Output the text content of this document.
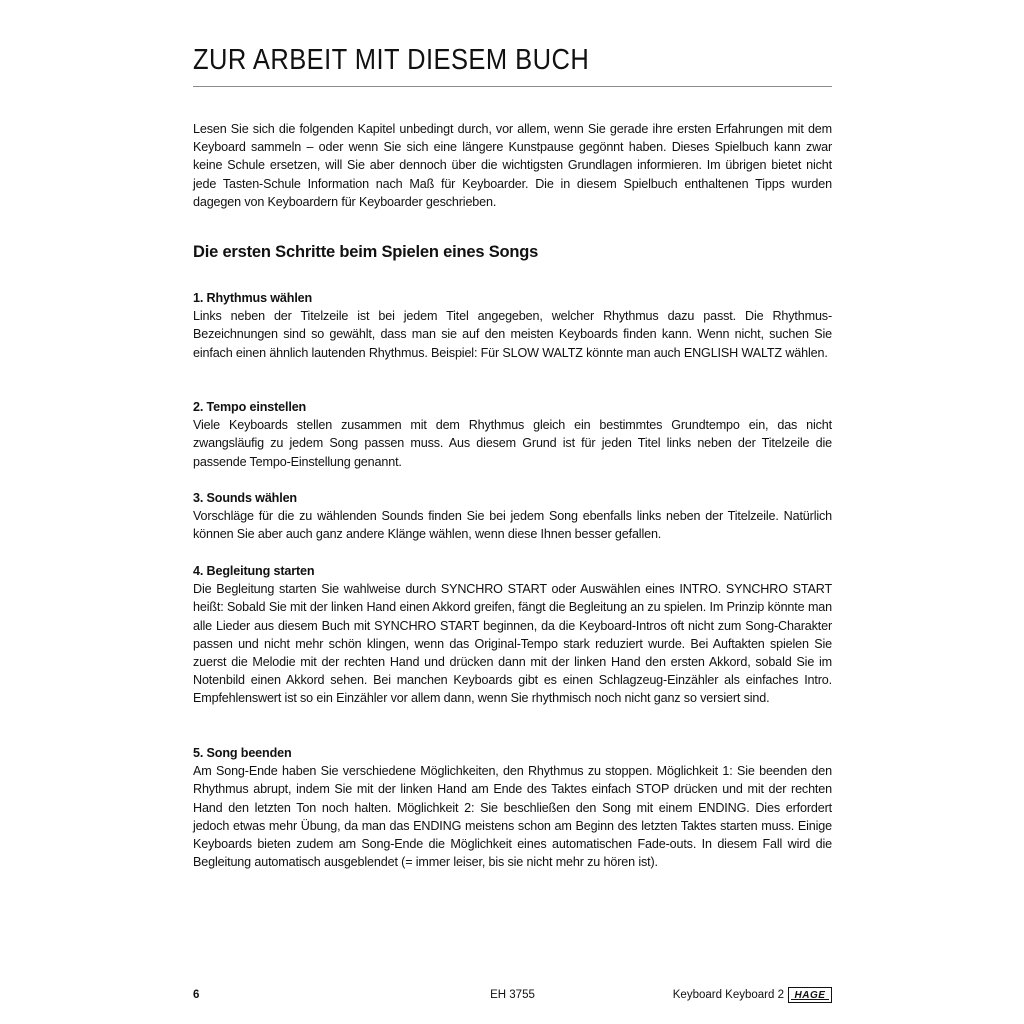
ZUR ARBEIT MIT DIESEM BUCH

Lesen Sie sich die folgenden Kapitel unbedingt durch, vor allem, wenn Sie gerade ihre ersten Erfahrungen mit dem Keyboard sammeln – oder wenn Sie sich eine längere Kunstpause gegönnt haben. Dieses Spielbuch kann zwar keine Schule ersetzen, will Sie aber dennoch über die wichtigsten Grundlagen informieren. Im übrigen bietet nicht jede Tasten-Schule Information nach Maß für Keyboarder. Die in diesem Spielbuch enthaltenen Tipps wurden dagegen von Keyboardern für Keyboarder geschrieben.

Die ersten Schritte beim Spielen eines Songs
1. Rhythmus wählen

Links neben der Titelzeile ist bei jedem Titel angegeben, welcher Rhythmus dazu passt. Die Rhythmus-Bezeichnungen sind so gewählt, dass man sie auf den meisten Keyboards finden kann. Wenn nicht, suchen Sie einfach einen ähnlich lautenden Rhythmus. Beispiel: Für SLOW WALTZ könnte man auch ENGLISH WALTZ wählen.

2. Tempo einstellen

Viele Keyboards stellen zusammen mit dem Rhythmus gleich ein bestimmtes Grundtempo ein, das nicht zwangsläufig zu jedem Song passen muss. Aus diesem Grund ist für jeden Titel links neben der Titelzeile die passende Tempo-Einstellung genannt.

3. Sounds wählen

Vorschläge für die zu wählenden Sounds finden Sie bei jedem Song ebenfalls links neben der Titelzeile. Natürlich können Sie aber auch ganz andere Klänge wählen, wenn diese Ihnen besser gefallen.

4. Begleitung starten

Die Begleitung starten Sie wahlweise durch SYNCHRO START oder Auswählen eines INTRO. SYNCHRO START heißt: Sobald Sie mit der linken Hand einen Akkord greifen, fängt die Begleitung an zu spielen. Im Prinzip könnte man alle Lieder aus diesem Buch mit SYNCHRO START beginnen, da die Keyboard-Intros oft nicht zum Song-Charakter passen und nicht mehr schön klingen, wenn das Original-Tempo stark reduziert wurde. Bei Auftakten spielen Sie zuerst die Melodie mit der rechten Hand und drücken dann mit der linken Hand den ersten Akkord, sobald Sie im Notenbild einen Akkord sehen. Bei manchen Keyboards gibt es einen Schlagzeug-Einzähler als einfaches Intro. Empfehlenswert ist so ein Einzähler vor allem dann, wenn Sie rhythmisch noch nicht ganz so versiert sind.

5. Song beenden

Am Song-Ende haben Sie verschiedene Möglichkeiten, den Rhythmus zu stoppen. Möglichkeit 1: Sie beenden den Rhythmus abrupt, indem Sie mit der linken Hand am Ende des Taktes einfach STOP drücken und mit der rechten Hand den letzten Ton noch halten. Möglichkeit 2: Sie beschließen den Song mit einem ENDING. Dies erfordert jedoch etwas mehr Übung, da man das ENDING meistens schon am Beginn des letzten Taktes starten muss. Einige Keyboards bieten zudem am Song-Ende die Möglichkeit eines automatischen Fade-outs. In diesem Fall wird die Begleitung automatisch ausgeblendet (= immer leiser, bis sie nicht mehr zu hören ist).

6	EH 3755	Keyboard Keyboard 2	HAGE
